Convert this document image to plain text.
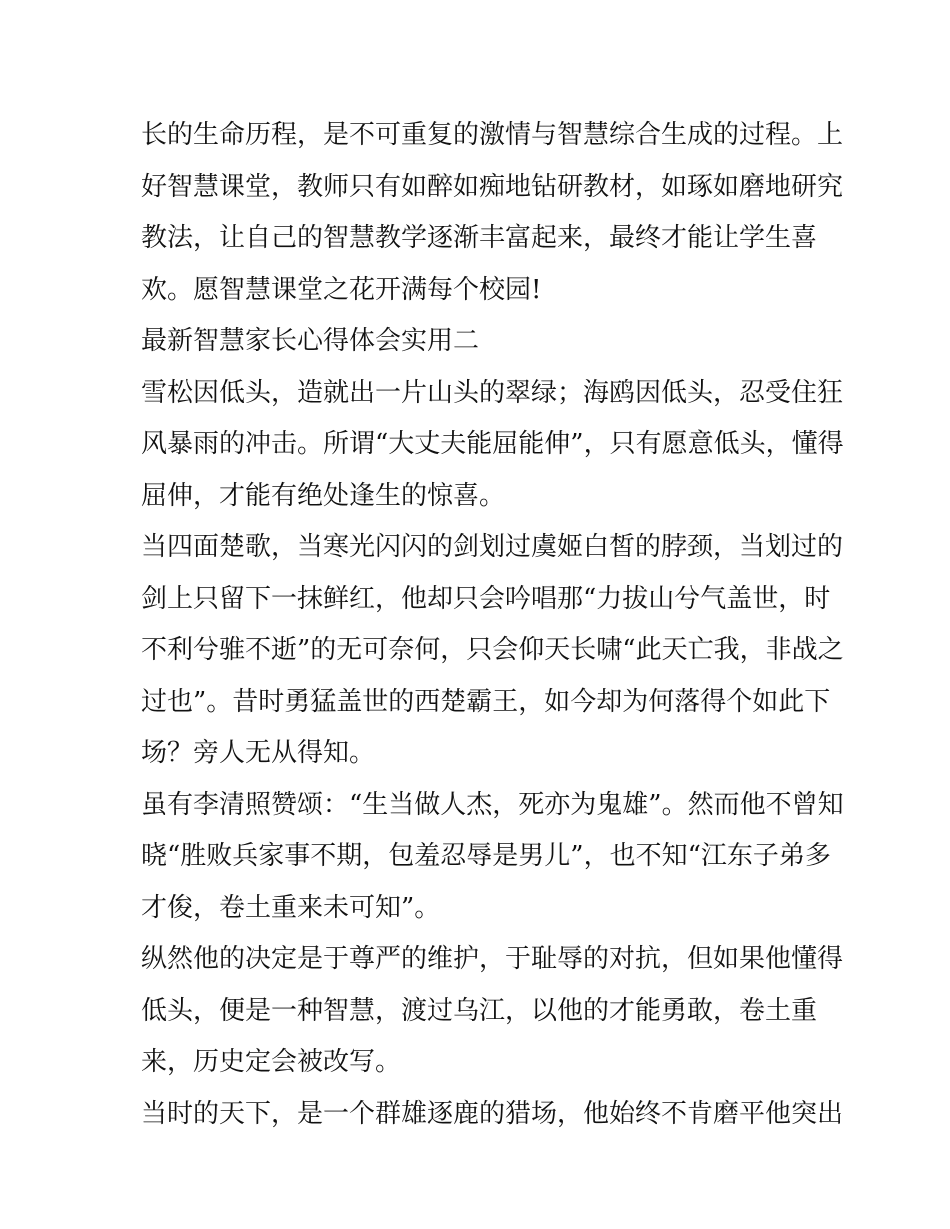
长的生命历程，是不可重复的激情与智慧综合生成的过程。上
好智慧课堂，教师只有如醉如痴地钻研教材，如琢如磨地研究
教法，让自己的智慧教学逐渐丰富起来，最终才能让学生喜
欢。愿智慧课堂之花开满每个校园!
最新智慧家长心得体会实用二
雪松因低头，造就出一片山头的翠绿；海鸥因低头，忍受住狂
风暴雨的冲击。所谓“大丈夫能屈能伸”，只有愿意低头，懂得
屈伸，才能有绝处逢生的惊喜。
当四面楚歌，当寒光闪闪的剑划过虞姬白皙的脖颈，当划过的
剑上只留下一抹鲜红，他却只会吟唱那“力拔山兮气盖世，时
不利兮骓不逝”的无可奈何，只会仰天长啸“此天亡我，非战之
过也”。昔时勇猛盖世的西楚霸王，如今却为何落得个如此下
场？旁人无从得知。
虽有李清照赞颂：“生当做人杰，死亦为鬼雄”。然而他不曾知
晓“胜败兵家事不期，包羞忍辱是男儿”，也不知“江东子弟多
才俊，卷土重来未可知”。
纵然他的决定是于尊严的维护，于耻辱的对抗，但如果他懂得
低头，便是一种智慧，渡过乌江，以他的才能勇敢，卷土重
来，历史定会被改写。
当时的天下，是一个群雄逐鹿的猎场，他始终不肯磨平他突出
